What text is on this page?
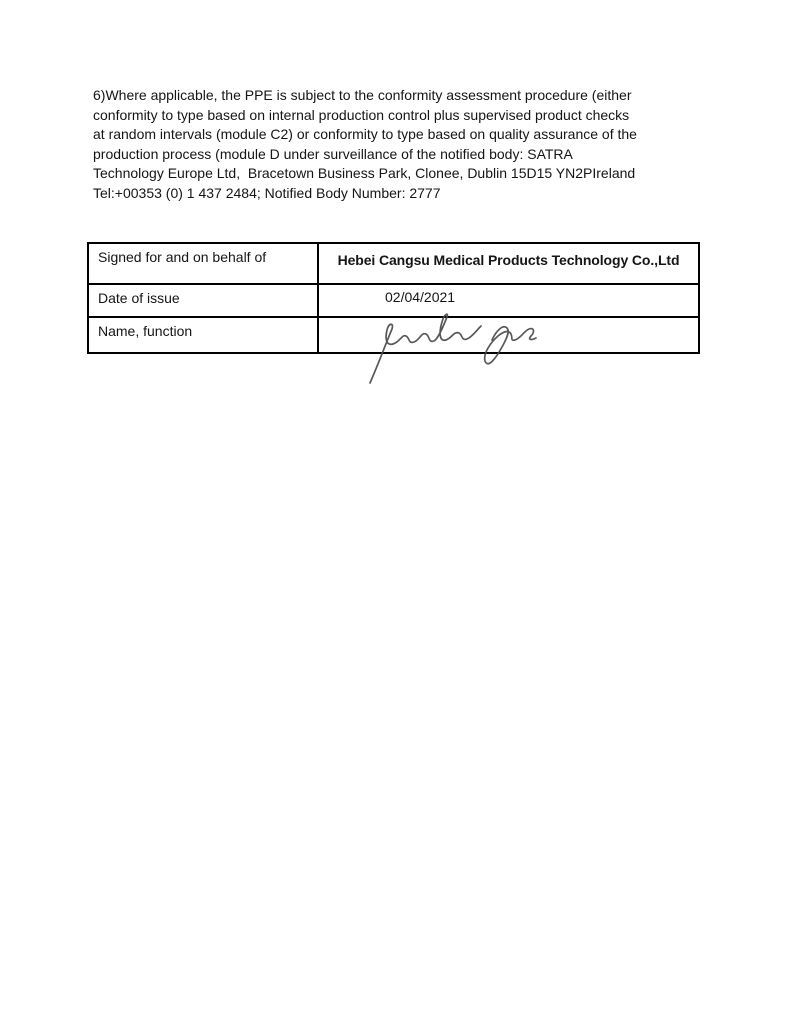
6)Where applicable, the PPE is subject to the conformity assessment procedure (either
conformity to type based on internal production control plus supervised product checks
at random intervals (module C2) or conformity to type based on quality assurance of the
production process (module D under surveillance of the notified body: SATRA
Technology Europe Ltd,  Bracetown Business Park, Clonee, Dublin 15D15 YN2PIreland
Tel:+00353 (0) 1 437 2484; Notified Body Number: 2777
Signed for and on behalf of	Hebei Cangsu Medical Products Technology Co.,Ltd
Date of issue	02/04/2021
Name, function	
